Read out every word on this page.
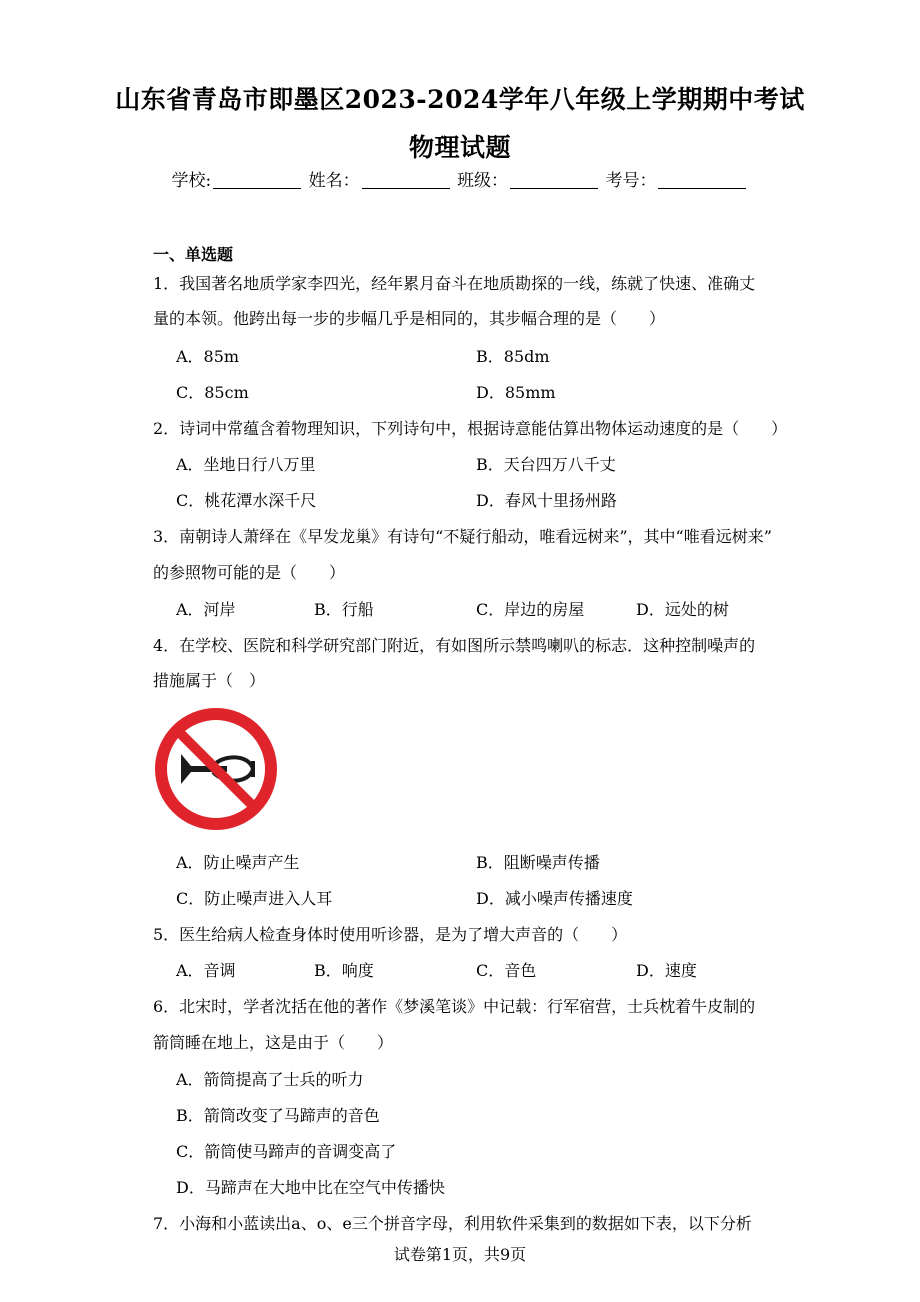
山东省青岛市即墨区2023-2024学年八年级上学期期中考试
物理试题
学校:	姓名：	班级：	考号：
一、单选题
1．我国著名地质学家李四光，经年累月奋斗在地质勘探的一线，练就了快速、准确丈
量的本领。他跨出每一步的步幅几乎是相同的，其步幅合理的是（　　）
A．85m	B．85dm
C．85cm	D．85mm
2．诗词中常蕴含着物理知识，下列诗句中，根据诗意能估算出物体运动速度的是（　　）
A．坐地日行八万里	B．天台四万八千丈
C．桃花潭水深千尺	D．春风十里扬州路
3．南朝诗人萧绎在《早发龙巢》有诗句“不疑行船动，唯看远树来”，其中“唯看远树来”
的参照物可能的是（　　）
A．河岸	B．行船	C．岸边的房屋	D．远处的树
4．在学校、医院和科学研究部门附近，有如图所示禁鸣喇叭的标志．这种控制噪声的
措施属于（　）
A．防止噪声产生	B．阻断噪声传播
C．防止噪声进入人耳	D．减小噪声传播速度
5．医生给病人检查身体时使用听诊器，是为了增大声音的（　　）
A．音调	B．响度	C．音色	D．速度
6．北宋时，学者沈括在他的著作《梦溪笔谈》中记载：行军宿营，士兵枕着牛皮制的
箭筒睡在地上，这是由于（　　）
A．箭筒提高了士兵的听力
B．箭筒改变了马蹄声的音色
C．箭筒使马蹄声的音调变高了
D．马蹄声在大地中比在空气中传播快
7．小海和小蓝读出a、o、e三个拼音字母，利用软件采集到的数据如下表，以下分析
试卷第1页，共9页
